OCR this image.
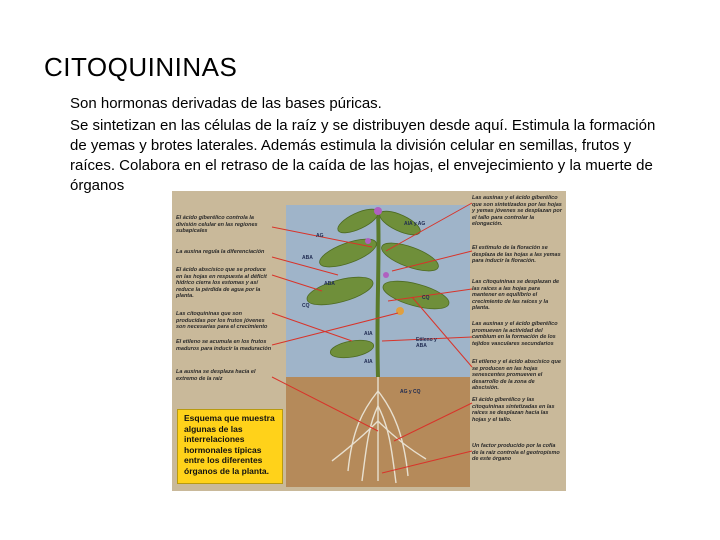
CITOQUININAS

Son hormonas derivadas de las bases púricas.

Se sintetizan en las células de la raíz y se distribuyen desde aquí. Estimula la formación de yemas y brotes laterales. Además estimula la división celular en semillas, frutos y raíces. Colabora en el retraso de la caída de las hojas, el envejecimiento y la muerte de órganos

El ácido giberélico controla la división celular en las regiones subapicales
La auxina regula la diferenciación
El ácido abscísico que se produce en las hojas en respuesta al déficit hídrico cierra los estomas y así reduce la pérdida de agua por la planta.
Las citoquininas que son producidas por los frutos jóvenes son necesarias para el crecimiento
El etileno se acumula en los frutos maduros para inducir la maduración
La auxina se desplaza hacia el extremo de la raíz
Las auxinas y el ácido giberélico que son sintetizados por las hojas y yemas jóvenes se desplazan por el tallo para controlar la elongación.
El estímulo de la floración se desplaza de las hojas a las yemas para inducir la floración.
Las citoquininas se desplazan de las raíces a las hojas para mantener en equilibrio el crecimiento de las raíces y la planta.
Las auxinas y el ácido giberélico promueven la actividad del cambium en la formación de los tejidos vasculares secundarios
El etileno y el ácido abscísico que se producen en las hojas senescentes promueven el desarrollo de la zona de abscisión.
El ácido giberélico y las citoquininas sintetizadas en las raíces se desplazan hacia las hojas y el tallo.
Un factor producido por la cofia de la raíz controla el geotropismo de este órgano
AIA y AG
AG
ABA
ABA
CQ
CQ
AIA
Etileno y ABA
AIA
AG y CQ
Esquema que muestra algunas de las interrelaciones hormonales típicas entre los diferentes órganos de la planta.
